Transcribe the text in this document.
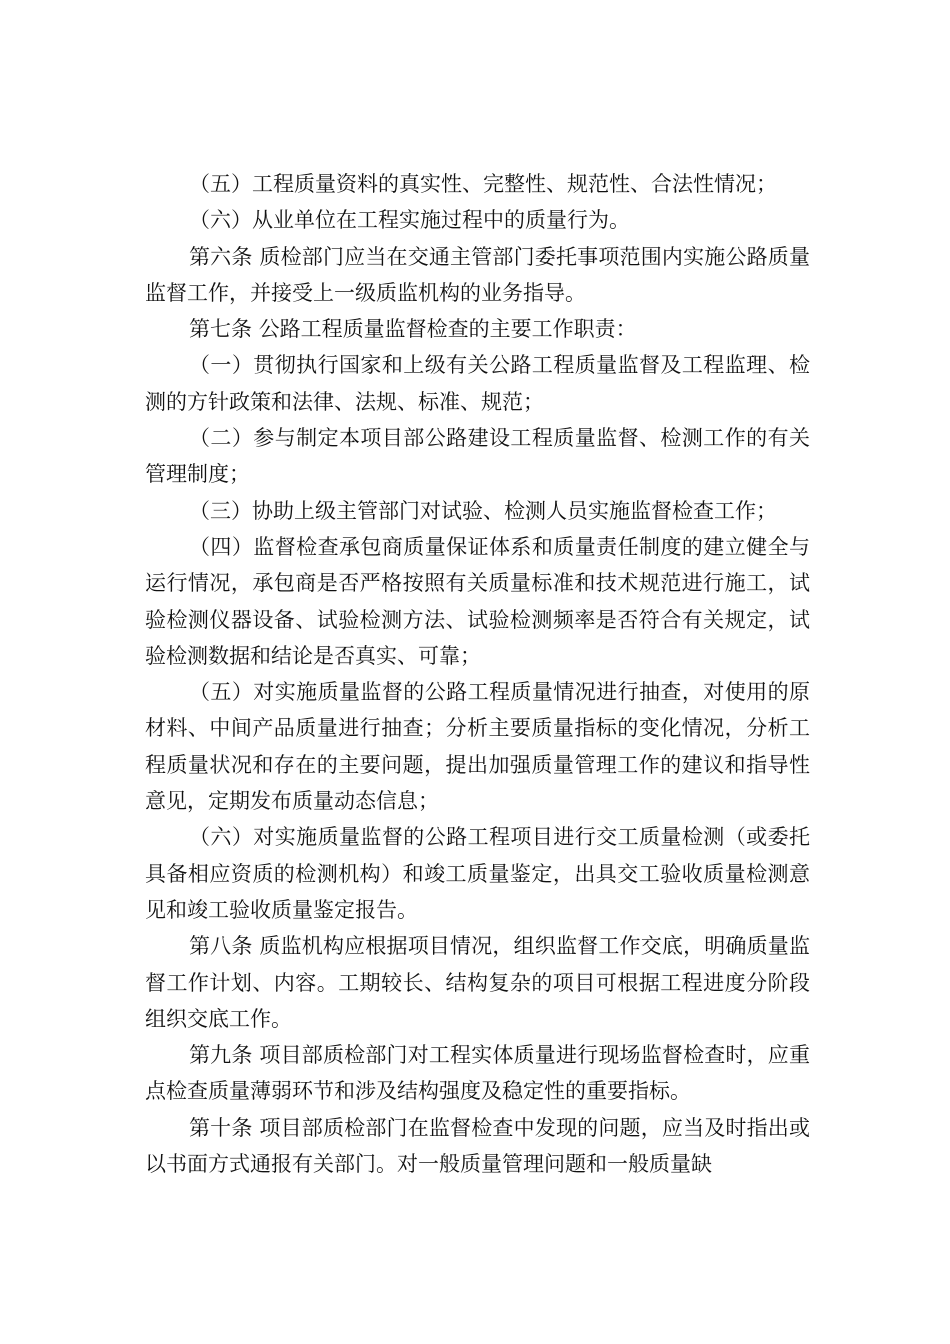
（五）工程质量资料的真实性、完整性、规范性、合法性情况；

（六）从业单位在工程实施过程中的质量行为。

第六条 质检部门应当在交通主管部门委托事项范围内实施公路质量监督工作，并接受上一级质监机构的业务指导。

第七条 公路工程质量监督检查的主要工作职责：

（一）贯彻执行国家和上级有关公路工程质量监督及工程监理、检测的方针政策和法律、法规、标准、规范；

（二）参与制定本项目部公路建设工程质量监督、检测工作的有关管理制度；

（三）协助上级主管部门对试验、检测人员实施监督检查工作；

（四）监督检查承包商质量保证体系和质量责任制度的建立健全与运行情况，承包商是否严格按照有关质量标准和技术规范进行施工，试验检测仪器设备、试验检测方法、试验检测频率是否符合有关规定，试验检测数据和结论是否真实、可靠；

（五）对实施质量监督的公路工程质量情况进行抽查，对使用的原材料、中间产品质量进行抽查；分析主要质量指标的变化情况，分析工程质量状况和存在的主要问题，提出加强质量管理工作的建议和指导性意见，定期发布质量动态信息；

（六）对实施质量监督的公路工程项目进行交工质量检测（或委托具备相应资质的检测机构）和竣工质量鉴定，出具交工验收质量检测意见和竣工验收质量鉴定报告。

第八条 质监机构应根据项目情况，组织监督工作交底，明确质量监督工作计划、内容。工期较长、结构复杂的项目可根据工程进度分阶段组织交底工作。

第九条 项目部质检部门对工程实体质量进行现场监督检查时，应重点检查质量薄弱环节和涉及结构强度及稳定性的重要指标。

第十条 项目部质检部门在监督检查中发现的问题，应当及时指出或以书面方式通报有关部门。对一般质量管理问题和一般质量缺
